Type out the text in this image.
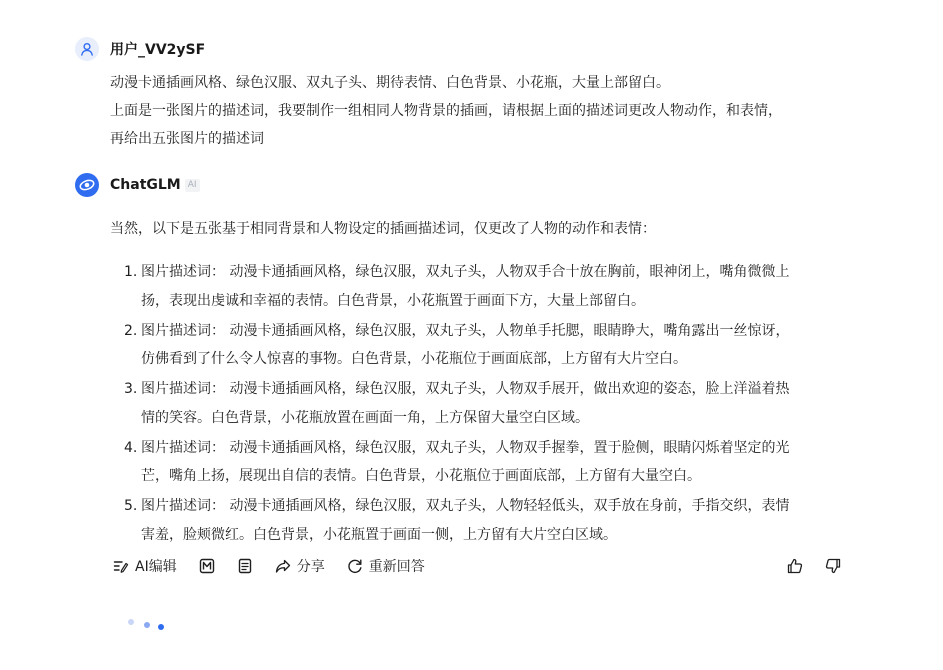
用户_VV2ySF

动漫卡通插画风格、绿色汉服、双丸子头、期待表情、白色背景、小花瓶，大量上部留白。

上面是一张图片的描述词，我要制作一组相同人物背景的插画，请根据上面的描述词更改人物动作，和表情，

再给出五张图片的描述词

ChatGLM AI
当然，以下是五张基于相同背景和人物设定的插画描述词，仅更改了人物的动作和表情：
1. 图片描述词： 动漫卡通插画风格，绿色汉服，双丸子头，人物双手合十放在胸前，眼神闭上，嘴角微微上
扬，表现出虔诚和幸福的表情。白色背景，小花瓶置于画面下方，大量上部留白。
2. 图片描述词： 动漫卡通插画风格，绿色汉服，双丸子头，人物单手托腮，眼睛睁大，嘴角露出一丝惊讶，
仿佛看到了什么令人惊喜的事物。白色背景，小花瓶位于画面底部，上方留有大片空白。
3. 图片描述词： 动漫卡通插画风格，绿色汉服，双丸子头，人物双手展开，做出欢迎的姿态，脸上洋溢着热
情的笑容。白色背景，小花瓶放置在画面一角，上方保留大量空白区域。
4. 图片描述词： 动漫卡通插画风格，绿色汉服，双丸子头，人物双手握拳，置于脸侧，眼睛闪烁着坚定的光
芒，嘴角上扬，展现出自信的表情。白色背景，小花瓶位于画面底部，上方留有大量空白。
5. 图片描述词： 动漫卡通插画风格，绿色汉服，双丸子头，人物轻轻低头，双手放在身前，手指交织，表情
害羞，脸颊微红。白色背景，小花瓶置于画面一侧，上方留有大片空白区域。
AI编辑	分享	重新回答
